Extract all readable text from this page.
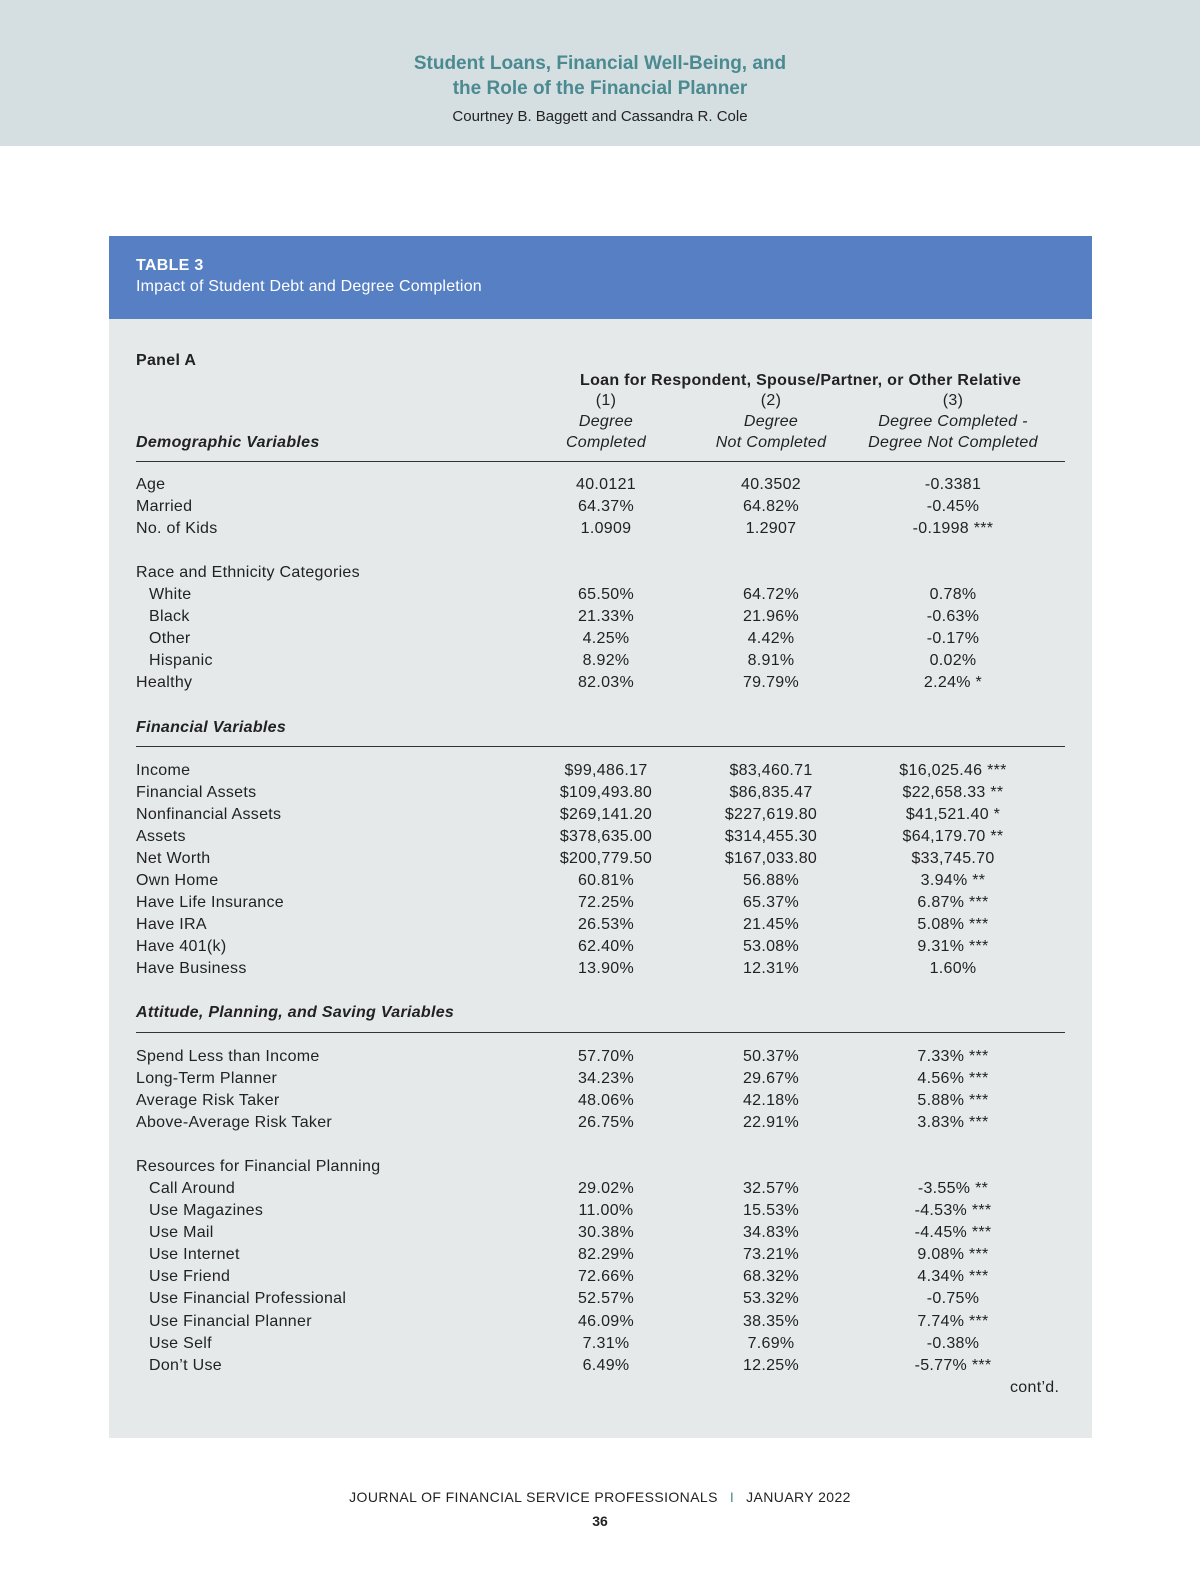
Student Loans, Financial Well-Being, and
the Role of the Financial Planner
Courtney B. Baggett and Cassandra R. Cole
TABLE 3
Impact of Student Debt and Degree Completion
Panel A
Loan for Respondent, Spouse/Partner, or Other Relative
(1)	(2)	(3)
Degree	Degree	Degree Completed -
Demographic Variables	Completed	Not Completed	Degree Not Completed
Age	40.0121	40.3502	-0.3381
Married	64.37%	64.82%	-0.45%
No. of Kids	1.0909	1.2907	-0.1998 ***
Race and Ethnicity Categories
White	65.50%	64.72%	0.78%
Black	21.33%	21.96%	-0.63%
Other	4.25%	4.42%	-0.17%
Hispanic	8.92%	8.91%	0.02%
Healthy	82.03%	79.79%	2.24% *
Financial Variables
Income	$99,486.17	$83,460.71	$16,025.46 ***
Financial Assets	$109,493.80	$86,835.47	$22,658.33 **
Nonfinancial Assets	$269,141.20	$227,619.80	$41,521.40 *
Assets	$378,635.00	$314,455.30	$64,179.70 **
Net Worth	$200,779.50	$167,033.80	$33,745.70
Own Home	60.81%	56.88%	3.94% **
Have Life Insurance	72.25%	65.37%	6.87% ***
Have IRA	26.53%	21.45%	5.08% ***
Have 401(k)	62.40%	53.08%	9.31% ***
Have Business	13.90%	12.31%	1.60%
Attitude, Planning, and Saving Variables
Spend Less than Income	57.70%	50.37%	7.33% ***
Long-Term Planner	34.23%	29.67%	4.56% ***
Average Risk Taker	48.06%	42.18%	5.88% ***
Above-Average Risk Taker	26.75%	22.91%	3.83% ***
Resources for Financial Planning
Call Around	29.02%	32.57%	-3.55% **
Use Magazines	11.00%	15.53%	-4.53% ***
Use Mail	30.38%	34.83%	-4.45% ***
Use Internet	82.29%	73.21%	9.08% ***
Use Friend	72.66%	68.32%	4.34% ***
Use Financial Professional	52.57%	53.32%	-0.75%
Use Financial Planner	46.09%	38.35%	7.74% ***
Use Self	7.31%	7.69%	-0.38%
Don’t Use	6.49%	12.25%	-5.77% ***
cont’d.
JOURNAL OF FINANCIAL SERVICE PROFESSIONALS I JANUARY 2022
36
